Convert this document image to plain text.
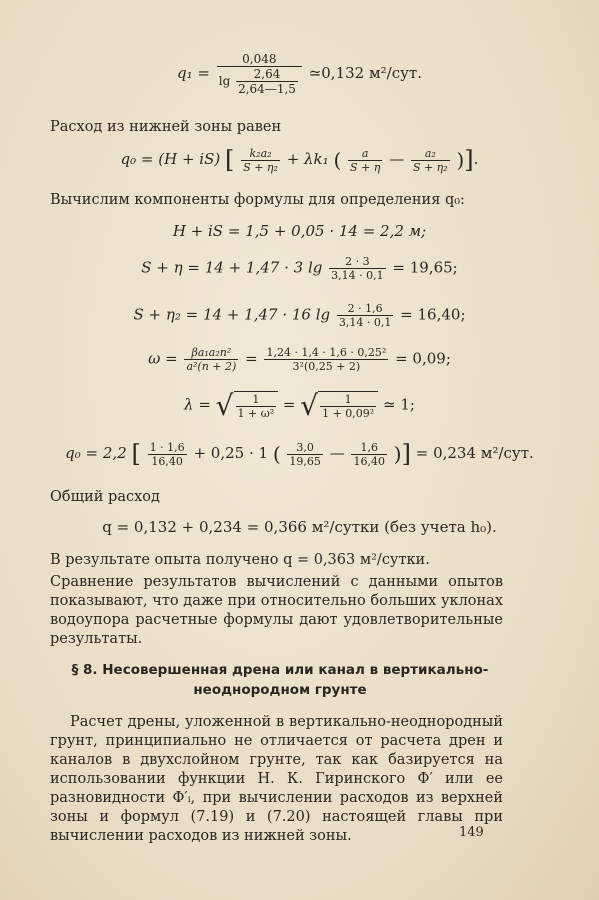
$q_1 = \frac{0,048}{\lg \frac{2,64}{2,64—1,5}}$ ≃0,132 м²/сут.
Расход из нижней зоны равен
q₀ = (H + iS) [ $\frac{\text{k₂a₂}}{\text{S + η₂}} + \lambda k_1$ ( $\frac{a}{S + \eta}$ — $\frac{\text{a₂}}{\text{S + η₂}}$ )].
Вычислим компоненты формулы для определения q₀:
H + iS = 1,5 + 0,05 · 14 = 2,2 м;
S + η = 14 + 1,47 · 3 $\lg \frac{2 \cdot 3}{3,14 \cdot 0,1} = 19,65$;
S + η₂ = 14 + 1,47 · 16 $\lg \frac{2 \cdot 1,6}{3,14 \cdot 0,1} = 16,40$;
$\omega = \frac{\text{βa₁a₂n²}}{\text{a²(n + 2)}} = \frac{\text{1,24 · 1,4 · 1,6 · 0,25²}}{\text{3²(0,25 + 2)}} = 0,09$;
λ = √ $\frac{1}{\text{1 + ω²}}$ = √ $\frac{1}{\text{1 + 0,09²}}$ ≃ 1;
q₀ = 2,2 [ $\frac{1 \cdot 1,6}{16,40} + 0,25 \cdot 1$ ( $\frac{3,0}{19,65}$ — $\frac{1,6}{16,40}$ )] = 0,234 м²/сут.
Общий расход
q = 0,132 + 0,234 = 0,366 м²/сутки (без учета h₀).
В результате опыта получено q = 0,363 м²/сутки.
Сравнение результатов вычислений с данными опытов показывают, что даже при относительно больших уклонах водоупора расчетные формулы дают удовлетворительные результаты.
§ 8. Несовершенная дрена или канал в вертикально-
неоднородном грунте
Расчет дрены, уложенной в вертикально-неоднородный грунт, принципиально не отличается от расчета дрен и каналов в двухслойном грунте, так как базируется на использовании функции Н. К. Гиринского Φ′ или ее разновидности Φ′ᵢ, при вычислении расходов из верхней зоны и формул (7.19) и (7.20) настоящей главы при вычислении расходов из нижней зоны.	149
